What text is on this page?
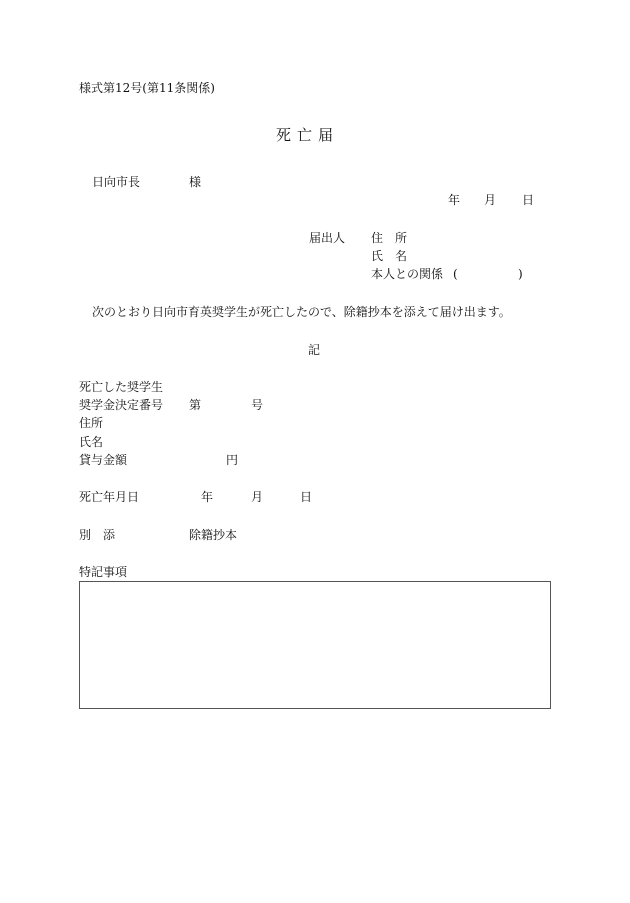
様式第12号(第11条関係)
死亡届
日向市長	様
年 月 日
届出人 住　所
氏　名
本人との関係 (	)
次のとおり日向市育英奨学生が死亡したので、除籍抄本を添えて届け出ます。
記
死亡した奨学生
奨学金決定番号 第	号
住所
氏名
貸与金額	円
死亡年月日	年	月	日
別　添	除籍抄本
特記事項
